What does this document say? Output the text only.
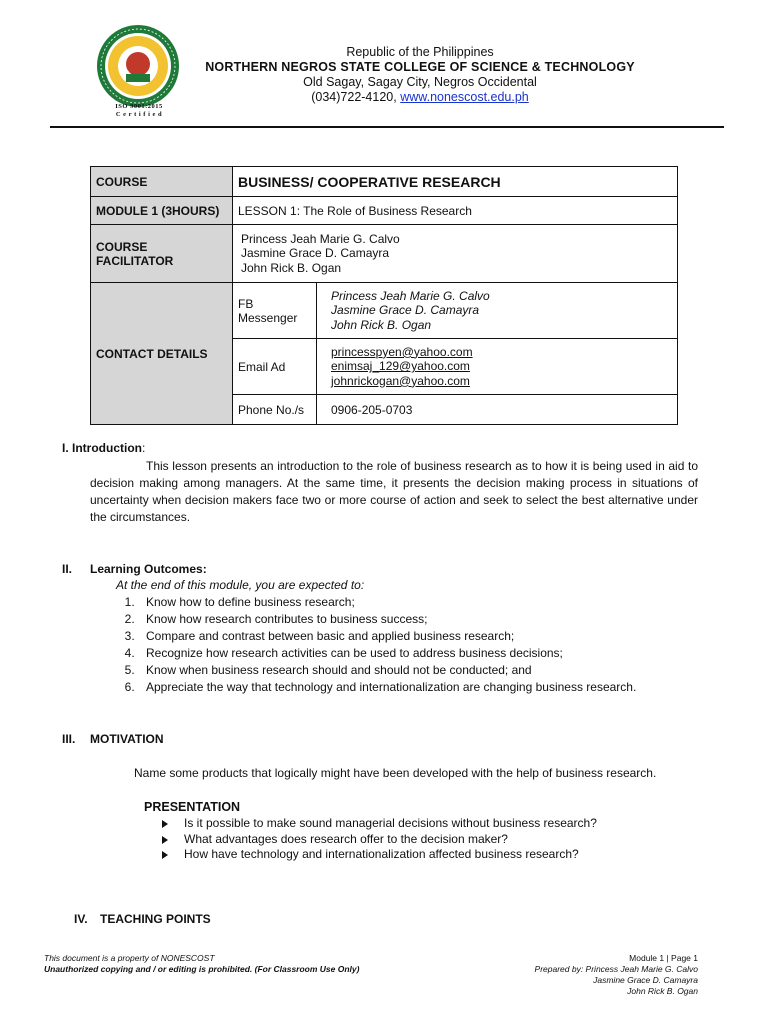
ISO 9001:2015
C e r t i f i e d
Republic of the Philippines
NORTHERN NEGROS STATE COLLEGE OF SCIENCE & TECHNOLOGY
Old Sagay, Sagay City, Negros Occidental
(034)722-4120, www.nonescost.edu.ph
COURSE	BUSINESS/ COOPERATIVE RESEARCH	
MODULE 1 (3HOURS)	LESSON 1: The Role of Business Research	
COURSE FACILITATOR	Princess Jeah Marie G. Calvo
Jasmine Grace D. Camayra
John Rick B. Ogan	

CONTACT DETAILS	FB Messenger	Princess Jeah Marie G. Calvo
Jasmine Grace D. Camayra
John Rick B. Ogan

	Email Ad	princesspyen@yahoo.com
enimsaj_129@yahoo.com
johnrickogan@yahoo.com

	Phone No./s	0906-205-0703
I. Introduction:
This lesson presents an introduction to the role of business research as to how it is being used in aid to decision making among managers. At the same time, it presents the decision making process in situations of uncertainty when decision makers face two or more course of action and seek to select the best alternative under the circumstances.
II. Learning Outcomes:
At the end of this module, you are expected to:
1. Know how to define business research;
2. Know how research contributes to business success;
3. Compare and contrast between basic and applied business research;
4. Recognize how research activities can be used to address business decisions;
5. Know when business research should and should not be conducted; and
6. Appreciate the way that technology and internationalization are changing business research.
III. MOTIVATION
Name some products that logically might have been developed with the help of business research.
PRESENTATION
Is it possible to make sound managerial decisions without business research?
What advantages does research offer to the decision maker?
How have technology and internationalization affected business research?
IV. TEACHING POINTS
This document is a property of NONESCOST
Unauthorized copying and / or editing is prohibited. (For Classroom Use Only)
Module 1 | Page 1
Prepared by: Princess Jeah Marie G. Calvo
Jasmine Grace D. Camayra
John Rick B. Ogan
